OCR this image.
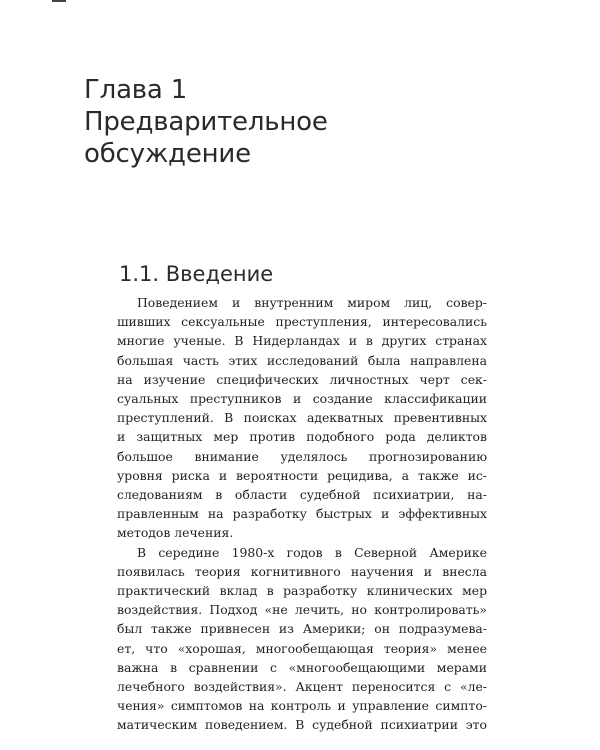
Глава 1
Предварительное
обсуждение
1.1. Введение
Поведением и внутренним миром лиц, совер-
шивших сексуальные преступления, интересовались
многие ученые. В Нидерландах и в других странах
большая часть этих исследований была направлена
на изучение специфических личностных черт сек-
суальных преступников и создание классификации
преступлений. В поисках адекватных превентивных
и защитных мер против подобного рода деликтов
большое внимание уделялось прогнозированию
уровня риска и вероятности рецидива, а также ис-
следованиям в области судебной психиатрии, на-
правленным на разработку быстрых и эффективных
методов лечения.
В середине 1980-х годов в Северной Америке
появилась теория когнитивного научения и внесла
практический вклад в разработку клинических мер
воздействия. Подход «не лечить, но контролировать»
был также привнесен из Америки; он подразумева-
ет, что «хорошая, многообещающая теория» менее
важна в сравнении с «многообещающими мерами
лечебного воздействия». Акцент переносится с «ле-
чения» симптомов на контроль и управление симпто-
матическим поведением. В судебной психиатрии это
